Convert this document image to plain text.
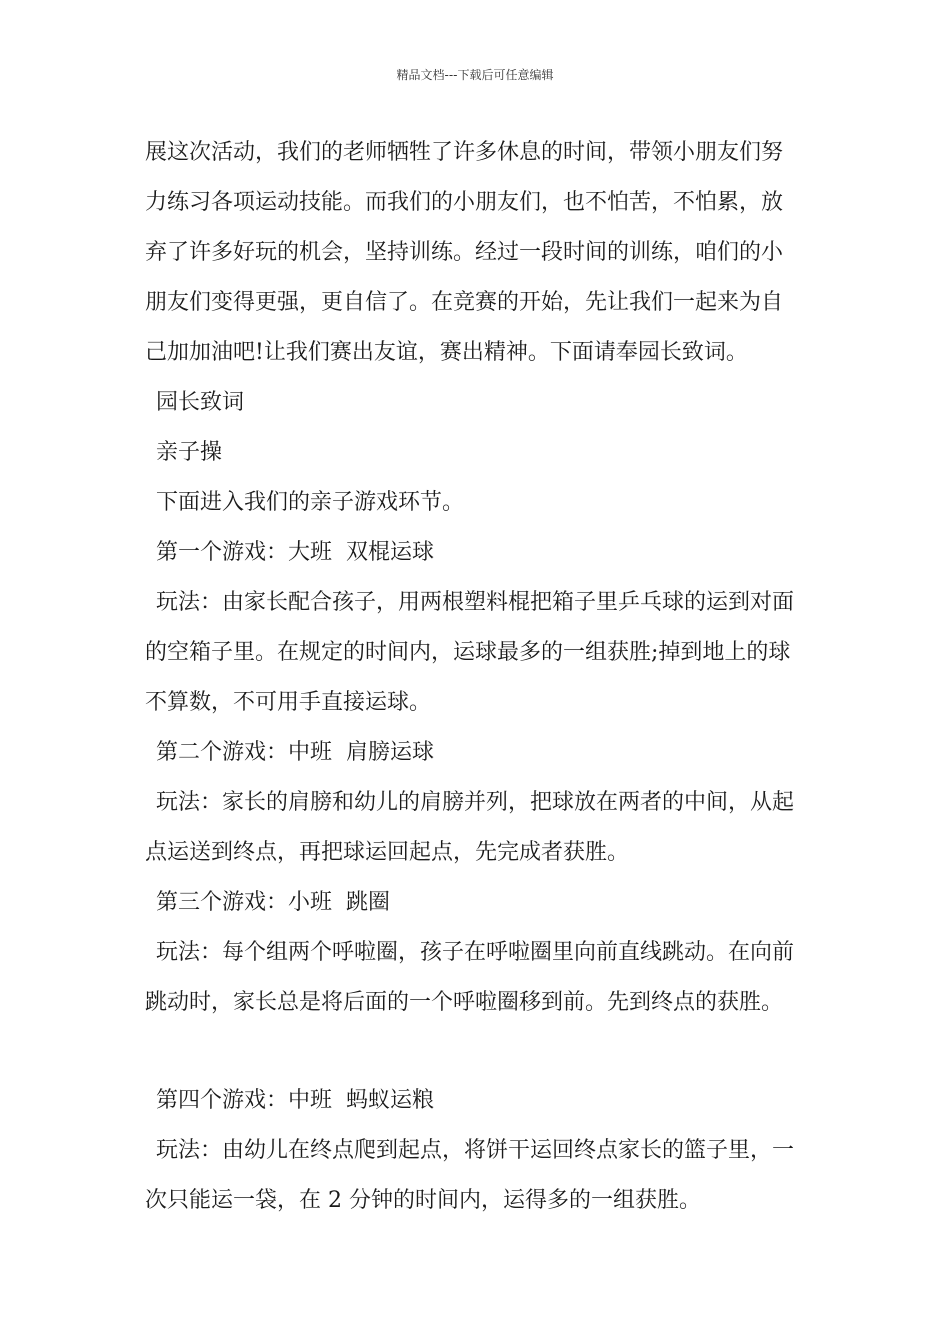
精品文档---下载后可任意编辑
展这次活动，我们的老师牺牲了许多休息的时间，带领小朋友们努
力练习各项运动技能。而我们的小朋友们，也不怕苦，不怕累，放
弃了许多好玩的机会，坚持训练。经过一段时间的训练，咱们的小
朋友们变得更强，更自信了。在竞赛的开始，先让我们一起来为自
己加加油吧!让我们赛出友谊，赛出精神。下面请奉园长致词。
园长致词
亲子操
下面进入我们的亲子游戏环节。
第一个游戏：大班  双棍运球
玩法：由家长配合孩子，用两根塑料棍把箱子里乒乓球的运到对面
的空箱子里。在规定的时间内，运球最多的一组获胜;掉到地上的球
不算数，不可用手直接运球。
第二个游戏：中班  肩膀运球
玩法：家长的肩膀和幼儿的肩膀并列，把球放在两者的中间，从起
点运送到终点，再把球运回起点，先完成者获胜。
第三个游戏：小班  跳圈
玩法：每个组两个呼啦圈，孩子在呼啦圈里向前直线跳动。在向前
跳动时，家长总是将后面的一个呼啦圈移到前。先到终点的获胜。
第四个游戏：中班  蚂蚁运粮
玩法：由幼儿在终点爬到起点，将饼干运回终点家长的篮子里，一
次只能运一袋，在 2 分钟的时间内，运得多的一组获胜。
